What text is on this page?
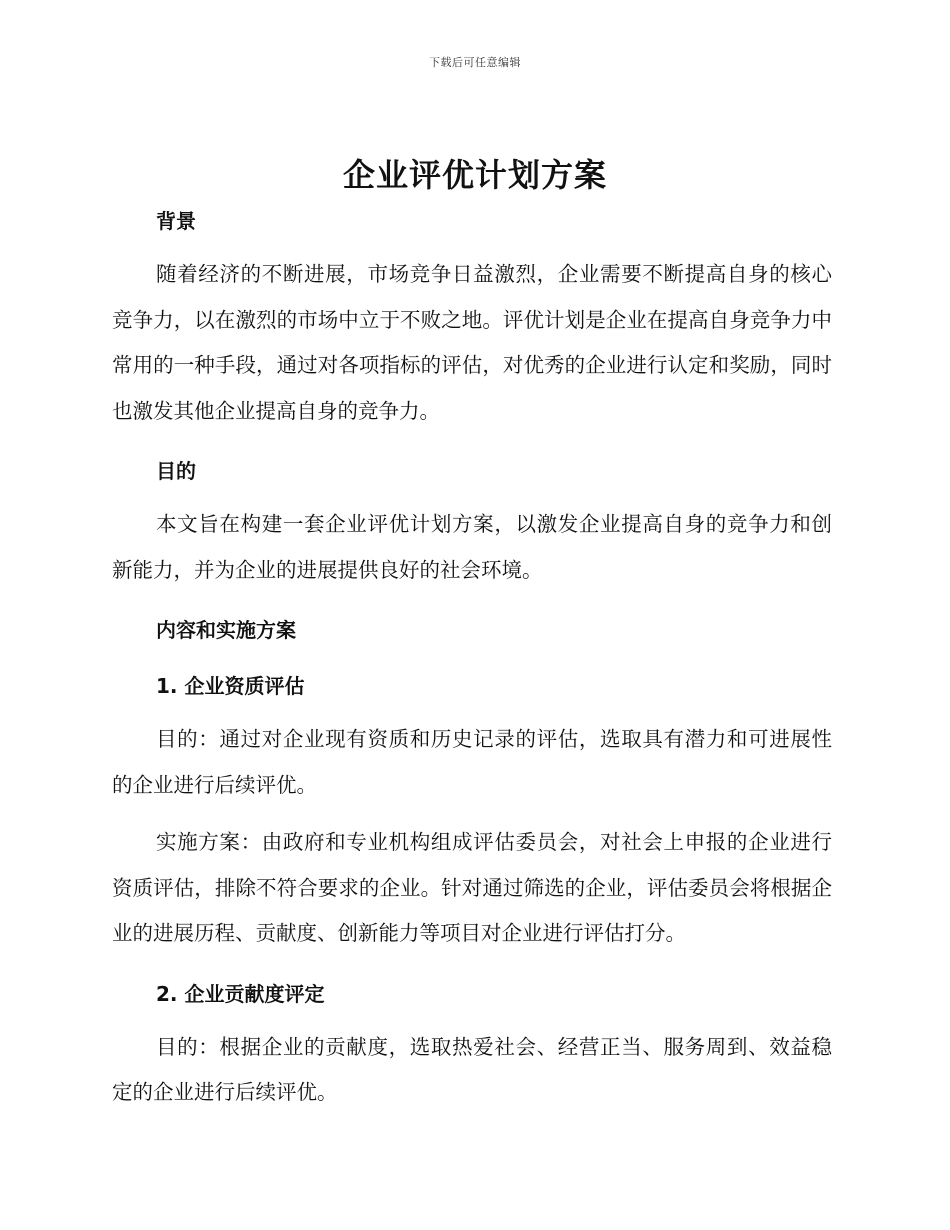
下载后可任意编辑
企业评优计划方案

背景

随着经济的不断进展，市场竞争日益激烈，企业需要不断提高自身的核心竞争力，以在激烈的市场中立于不败之地。评优计划是企业在提高自身竞争力中常用的一种手段，通过对各项指标的评估，对优秀的企业进行认定和奖励，同时也激发其他企业提高自身的竞争力。

目的

本文旨在构建一套企业评优计划方案，以激发企业提高自身的竞争力和创新能力，并为企业的进展提供良好的社会环境。

内容和实施方案

1. 企业资质评估

目的：通过对企业现有资质和历史记录的评估，选取具有潜力和可进展性的企业进行后续评优。

实施方案：由政府和专业机构组成评估委员会，对社会上申报的企业进行资质评估，排除不符合要求的企业。针对通过筛选的企业，评估委员会将根据企业的进展历程、贡献度、创新能力等项目对企业进行评估打分。

2. 企业贡献度评定

目的：根据企业的贡献度，选取热爱社会、经营正当、服务周到、效益稳定的企业进行后续评优。
